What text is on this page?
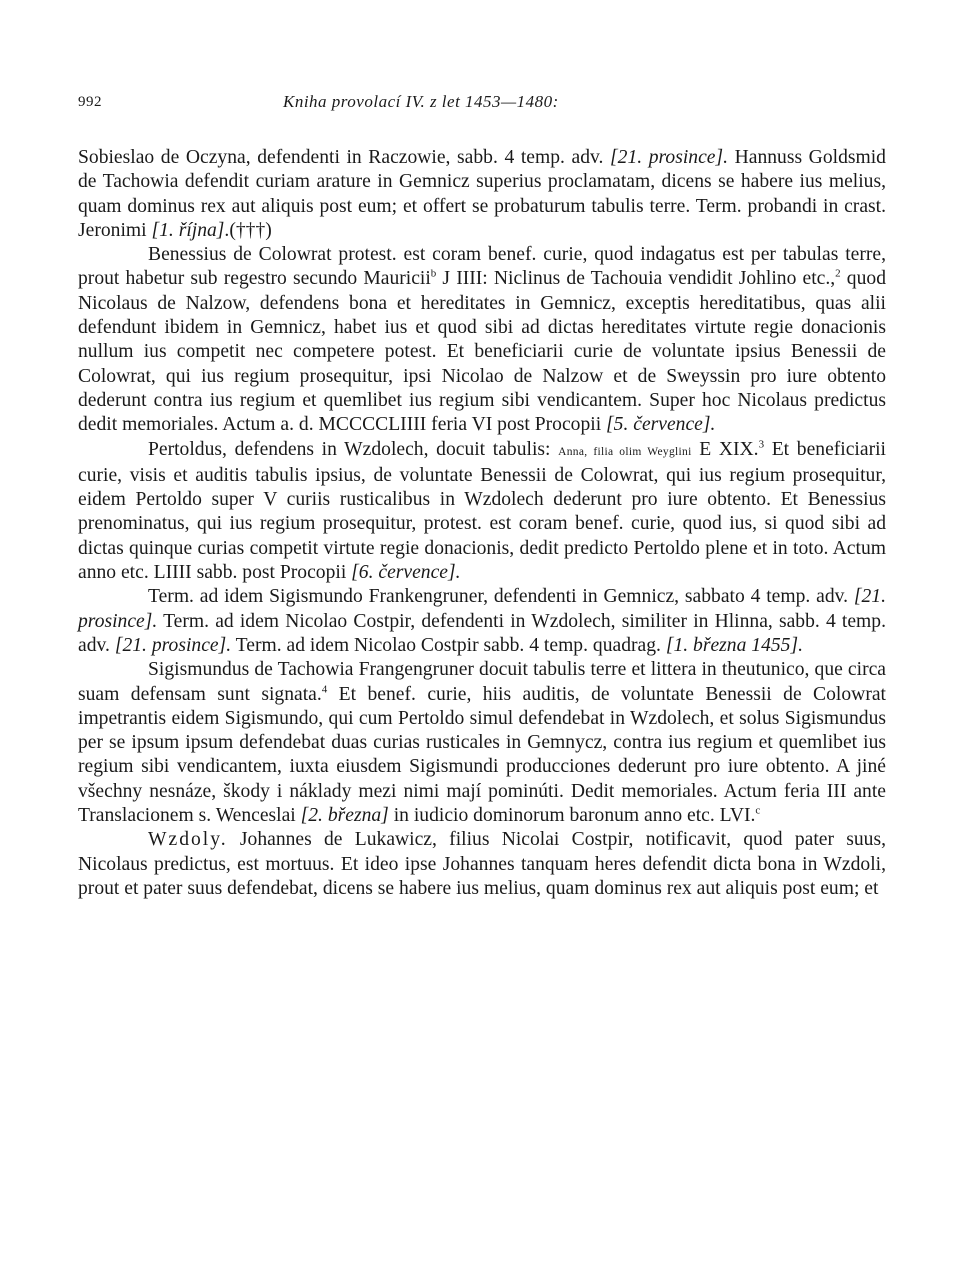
992	Kniha provolací IV. z let 1453—1480:

Sobieslao de Oczyna, defendenti in Raczowie, sabb. 4 temp. adv. [21. prosince]. Hannuss Goldsmid de Tachowia defendit curiam arature in Gemnicz superius proclamatam, dicens se habere ius melius, quam dominus rex aut aliquis post eum; et offert se probaturum tabulis terre. Term. probandi in crast. Jeronimi [1. října].(†††)

Benessius de Colowrat protest. est coram benef. curie, quod indagatus est per tabulas terre, prout habetur sub regestro secundo Mauricii$^b$ J IIII: Niclinus de Tachouia vendidit Johlino etc.,$^2$ quod Nicolaus de Nalzow, defendens bona et hereditates in Gemnicz, exceptis hereditatibus, quas alii defendunt ibidem in Gemnicz, habet ius et quod sibi ad dictas hereditates virtute regie donacionis nullum ius competit nec competere potest. Et beneficiarii curie de voluntate ipsius Benessii de Colowrat, qui ius regium prosequitur, ipsi Nicolao de Nalzow et de Sweyssin pro iure obtento dederunt contra ius regium et quemlibet ius regium sibi vendicantem. Super hoc Nicolaus predictus dedit memoriales. Actum a. d. MCCCCLIIII feria VI post Procopii [5. července].

Pertoldus, defendens in Wzdolech, docuit tabulis: Anna, filia olim Weyglini E XIX.$^3$ Et beneficiarii curie, visis et auditis tabulis ipsius, de voluntate Benessii de Colowrat, qui ius regium prosequitur, eidem Pertoldo super V curiis rusticalibus in Wzdolech dederunt pro iure obtento. Et Benessius prenominatus, qui ius regium prosequitur, protest. est coram benef. curie, quod ius, si quod sibi ad dictas quinque curias competit virtute regie donacionis, dedit predicto Pertoldo plene et in toto. Actum anno etc. LIIII sabb. post Procopii [6. července].

Term. ad idem Sigismundo Frankengruner, defendenti in Gemnicz, sabbato 4 temp. adv. [21. prosince]. Term. ad idem Nicolao Costpir, defendenti in Wzdolech, similiter in Hlinna, sabb. 4 temp. adv. [21. prosince]. Term. ad idem Nicolao Costpir sabb. 4 temp. quadrag. [1. března 1455].

Sigismundus de Tachowia Frangengruner docuit tabulis terre et littera in theutunico, que circa suam defensam sunt signata.$^4$ Et benef. curie, hiis auditis, de voluntate Benessii de Colowrat impetrantis eidem Sigismundo, qui cum Pertoldo simul defendebat in Wzdolech, et solus Sigismundus per se ipsum ipsum defendebat duas curias rusticales in Gemnycz, contra ius regium et quemlibet ius regium sibi vendicantem, iuxta eiusdem Sigismundi producciones dederunt pro iure obtento. A jiné všechny nesnáze, škody i náklady mezi nimi mají pominúti. Dedit memoriales. Actum feria III ante Translacionem s. Wenceslai [2. března] in iudicio dominorum baronum anno etc. LVI.$^c$

Wzdoly. Johannes de Lukawicz, filius Nicolai Costpir, notificavit, quod pater suus, Nicolaus predictus, est mortuus. Et ideo ipse Johannes tanquam heres defendit dicta bona in Wzdoli, prout et pater suus defendebat, dicens se habere ius melius, quam dominus rex aut aliquis post eum; et
